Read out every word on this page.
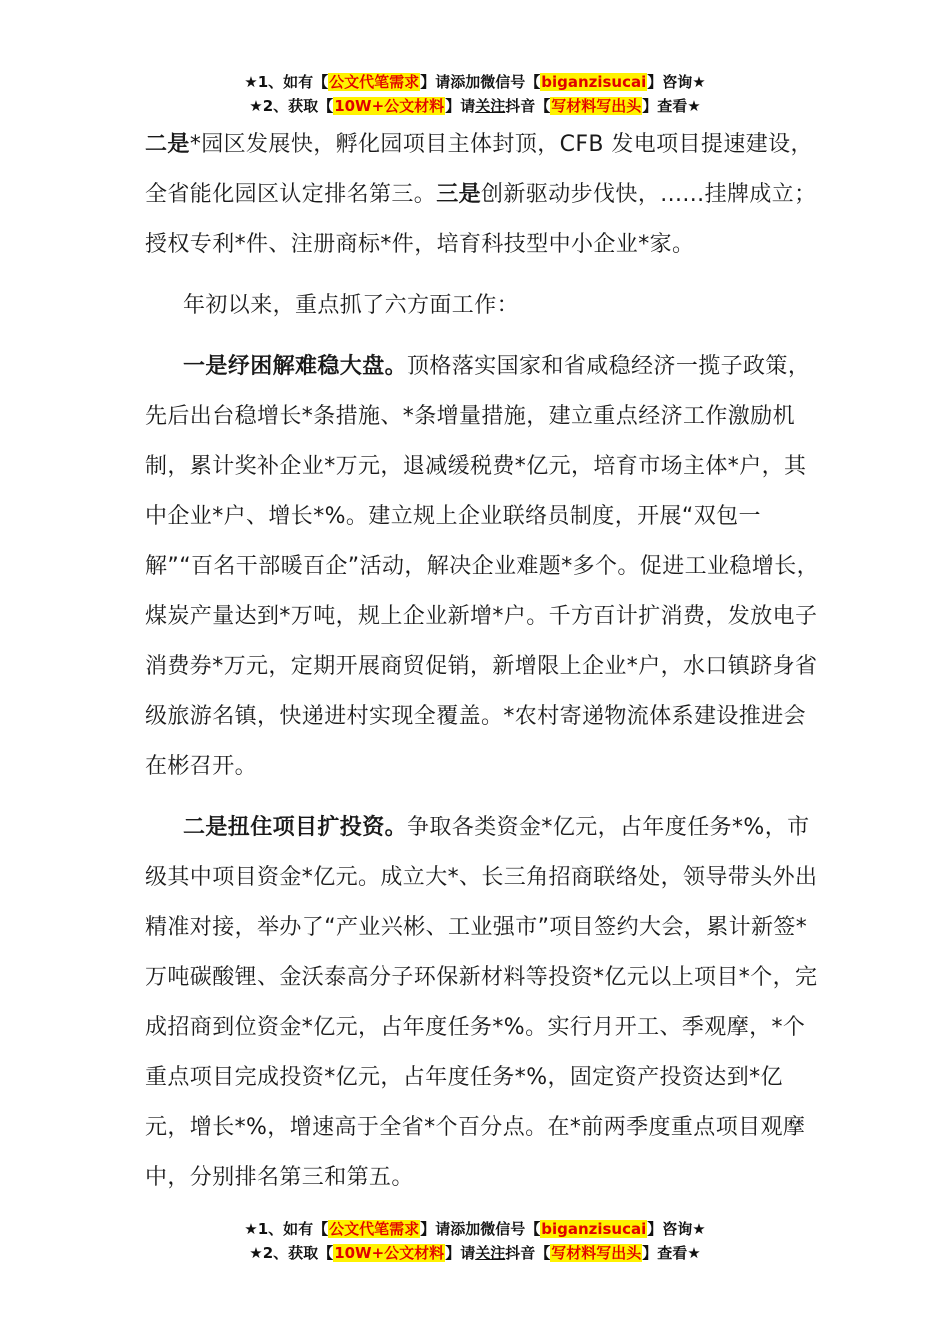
★1、如有【公文代笔需求】请添加微信号【biganzisucai】咨询★
★2、获取【10W+公文材料】请关注抖音【写材料写出头】查看★

二是*园区发展快，孵化园项目主体封顶，CFB 发电项目提速建设，全省能化园区认定排名第三。三是创新驱动步伐快，......挂牌成立；授权专利*件、注册商标*件，培育科技型中小企业*家。

年初以来，重点抓了六方面工作：

一是纾困解难稳大盘。顶格落实国家和省咸稳经济一揽子政策，先后出台稳增长*条措施、*条增量措施，建立重点经济工作激励机制，累计奖补企业*万元，退减缓税费*亿元，培育市场主体*户，其中企业*户、增长*%。建立规上企业联络员制度，开展“双包一解”“百名干部暖百企”活动，解决企业难题*多个。促进工业稳增长，煤炭产量达到*万吨，规上企业新增*户。千方百计扩消费，发放电子消费券*万元，定期开展商贸促销，新增限上企业*户，水口镇跻身省级旅游名镇，快递进村实现全覆盖。*农村寄递物流体系建设推进会在彬召开。

二是扭住项目扩投资。争取各类资金*亿元，占年度任务*%，市级其中项目资金*亿元。成立大*、长三角招商联络处，领导带头外出精准对接，举办了“产业兴彬、工业强市”项目签约大会，累计新签*万吨碳酸锂、金沃泰高分子环保新材料等投资*亿元以上项目*个，完成招商到位资金*亿元，占年度任务*%。实行月开工、季观摩，*个重点项目完成投资*亿元，占年度任务*%，固定资产投资达到*亿元，增长*%，增速高于全省*个百分点。在*前两季度重点项目观摩中，分别排名第三和第五。

★1、如有【公文代笔需求】请添加微信号【biganzisucai】咨询★
★2、获取【10W+公文材料】请关注抖音【写材料写出头】查看★
